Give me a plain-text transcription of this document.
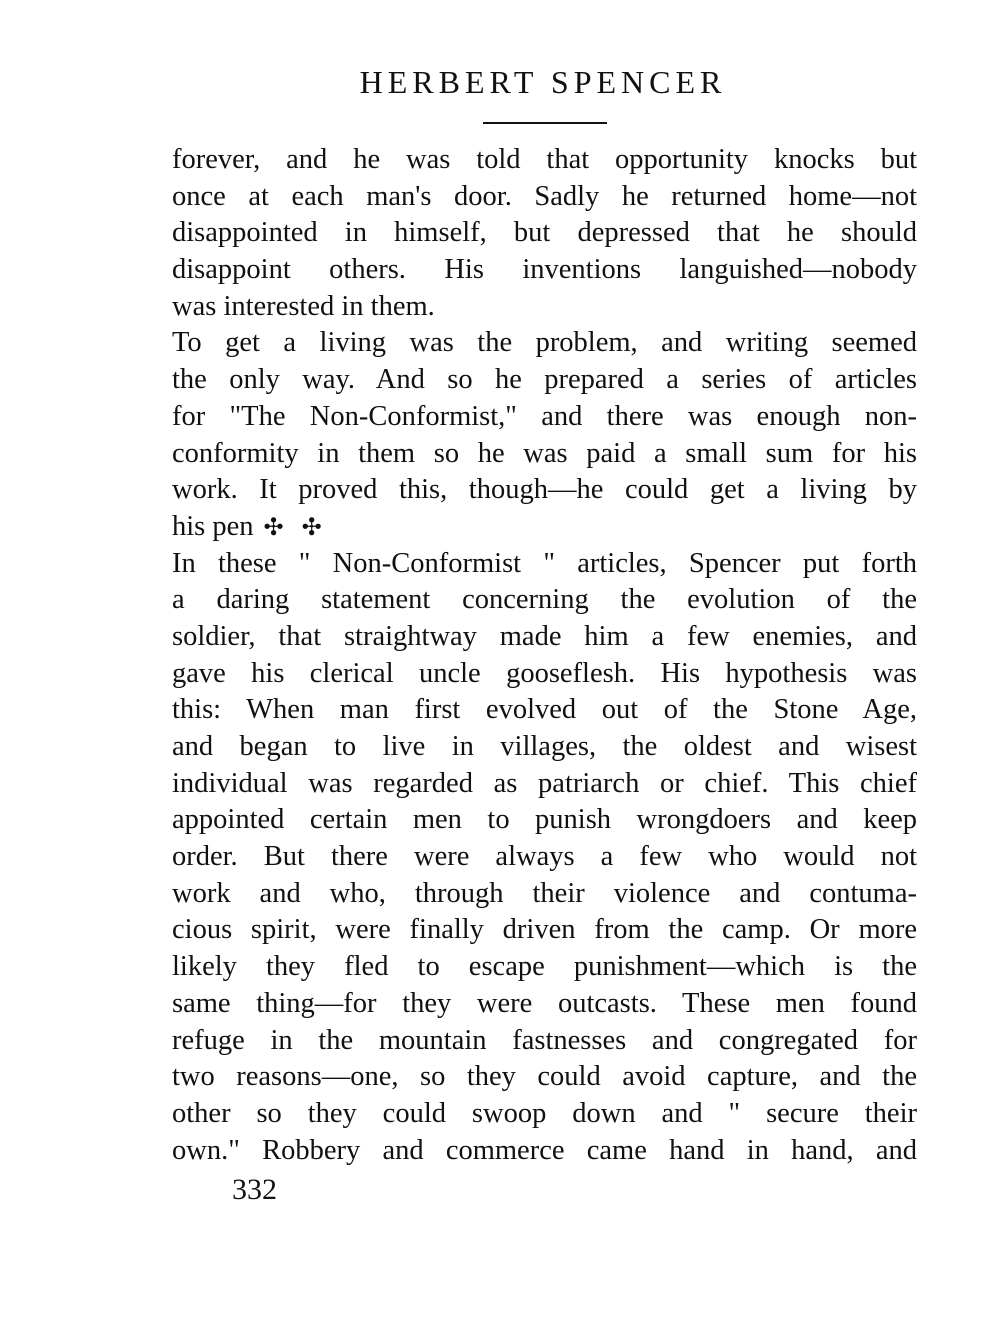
HERBERT SPENCER
forever, and he was told that opportunity knocks but
once at each man's door. Sadly he returned home—not
disappointed in himself, but depressed that he should
disappoint others. His inventions languished—nobody
was interested in them.
To get a living was the problem, and writing seemed
the only way. And so he prepared a series of articles
for "The Non-Conformist," and there was enough non-
conformity in them so he was paid a small sum for his
work. It proved this, though—he could get a living by
his pen ✣ ✣
In these " Non-Conformist " articles, Spencer put forth
a daring statement concerning the evolution of the
soldier, that straightway made him a few enemies, and
gave his clerical uncle gooseflesh. His hypothesis was
this: When man first evolved out of the Stone Age,
and began to live in villages, the oldest and wisest
individual was regarded as patriarch or chief. This chief
appointed certain men to punish wrongdoers and keep
order. But there were always a few who would not
work and who, through their violence and contuma-
cious spirit, were finally driven from the camp. Or more
likely they fled to escape punishment—which is the
same thing—for they were outcasts. These men found
refuge in the mountain fastnesses and congregated for
two reasons—one, so they could avoid capture, and the
other so they could swoop down and " secure their
own." Robbery and commerce came hand in hand, and
332
